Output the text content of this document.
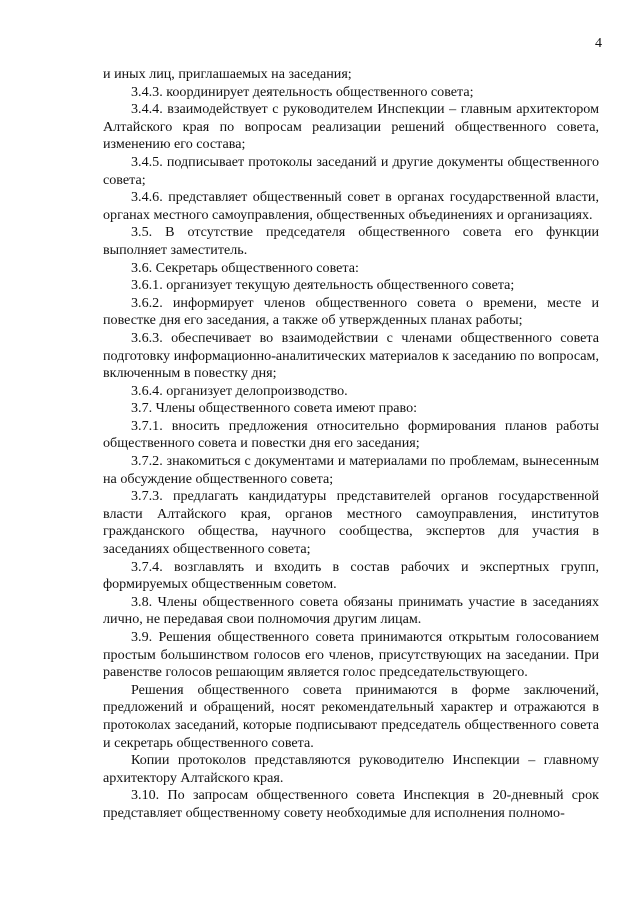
4

и иных лиц, приглашаемых на заседания;

3.4.3. координирует деятельность общественного совета;

3.4.4. взаимодействует с руководителем Инспекции – главным архитектором Алтайского края по вопросам реализации решений общественного совета, изменению его состава;

3.4.5. подписывает протоколы заседаний и другие документы общественного совета;

3.4.6. представляет общественный совет в органах государственной власти, органах местного самоуправления, общественных объединениях и организациях.

3.5. В отсутствие председателя общественного совета его функции выполняет заместитель.

3.6. Секретарь общественного совета:

3.6.1. организует текущую деятельность общественного совета;

3.6.2. информирует членов общественного совета о времени, месте и повестке дня его заседания, а также об утвержденных планах работы;

3.6.3. обеспечивает во взаимодействии с членами общественного совета подготовку информационно-аналитических материалов к заседанию по вопросам, включенным в повестку дня;

3.6.4. организует делопроизводство.

3.7. Члены общественного совета имеют право:

3.7.1. вносить предложения относительно формирования планов работы общественного совета и повестки дня его заседания;

3.7.2. знакомиться с документами и материалами по проблемам, вынесенным на обсуждение общественного совета;

3.7.3. предлагать кандидатуры представителей органов государственной власти Алтайского края, органов местного самоуправления, институтов гражданского общества, научного сообщества, экспертов для участия в заседаниях общественного совета;

3.7.4. возглавлять и входить в состав рабочих и экспертных групп, формируемых общественным советом.

3.8. Члены общественного совета обязаны принимать участие в заседаниях лично, не передавая свои полномочия другим лицам.

3.9. Решения общественного совета принимаются открытым голосованием простым большинством голосов его членов, присутствующих на заседании. При равенстве голосов решающим является голос председательствующего.

Решения общественного совета принимаются в форме заключений, предложений и обращений, носят рекомендательный характер и отражаются в протоколах заседаний, которые подписывают председатель общественного совета и секретарь общественного совета.

Копии протоколов представляются руководителю Инспекции – главному архитектору Алтайского края.

3.10. По запросам общественного совета Инспекция в 20-дневный срок представляет общественному совету необходимые для исполнения полномо-
